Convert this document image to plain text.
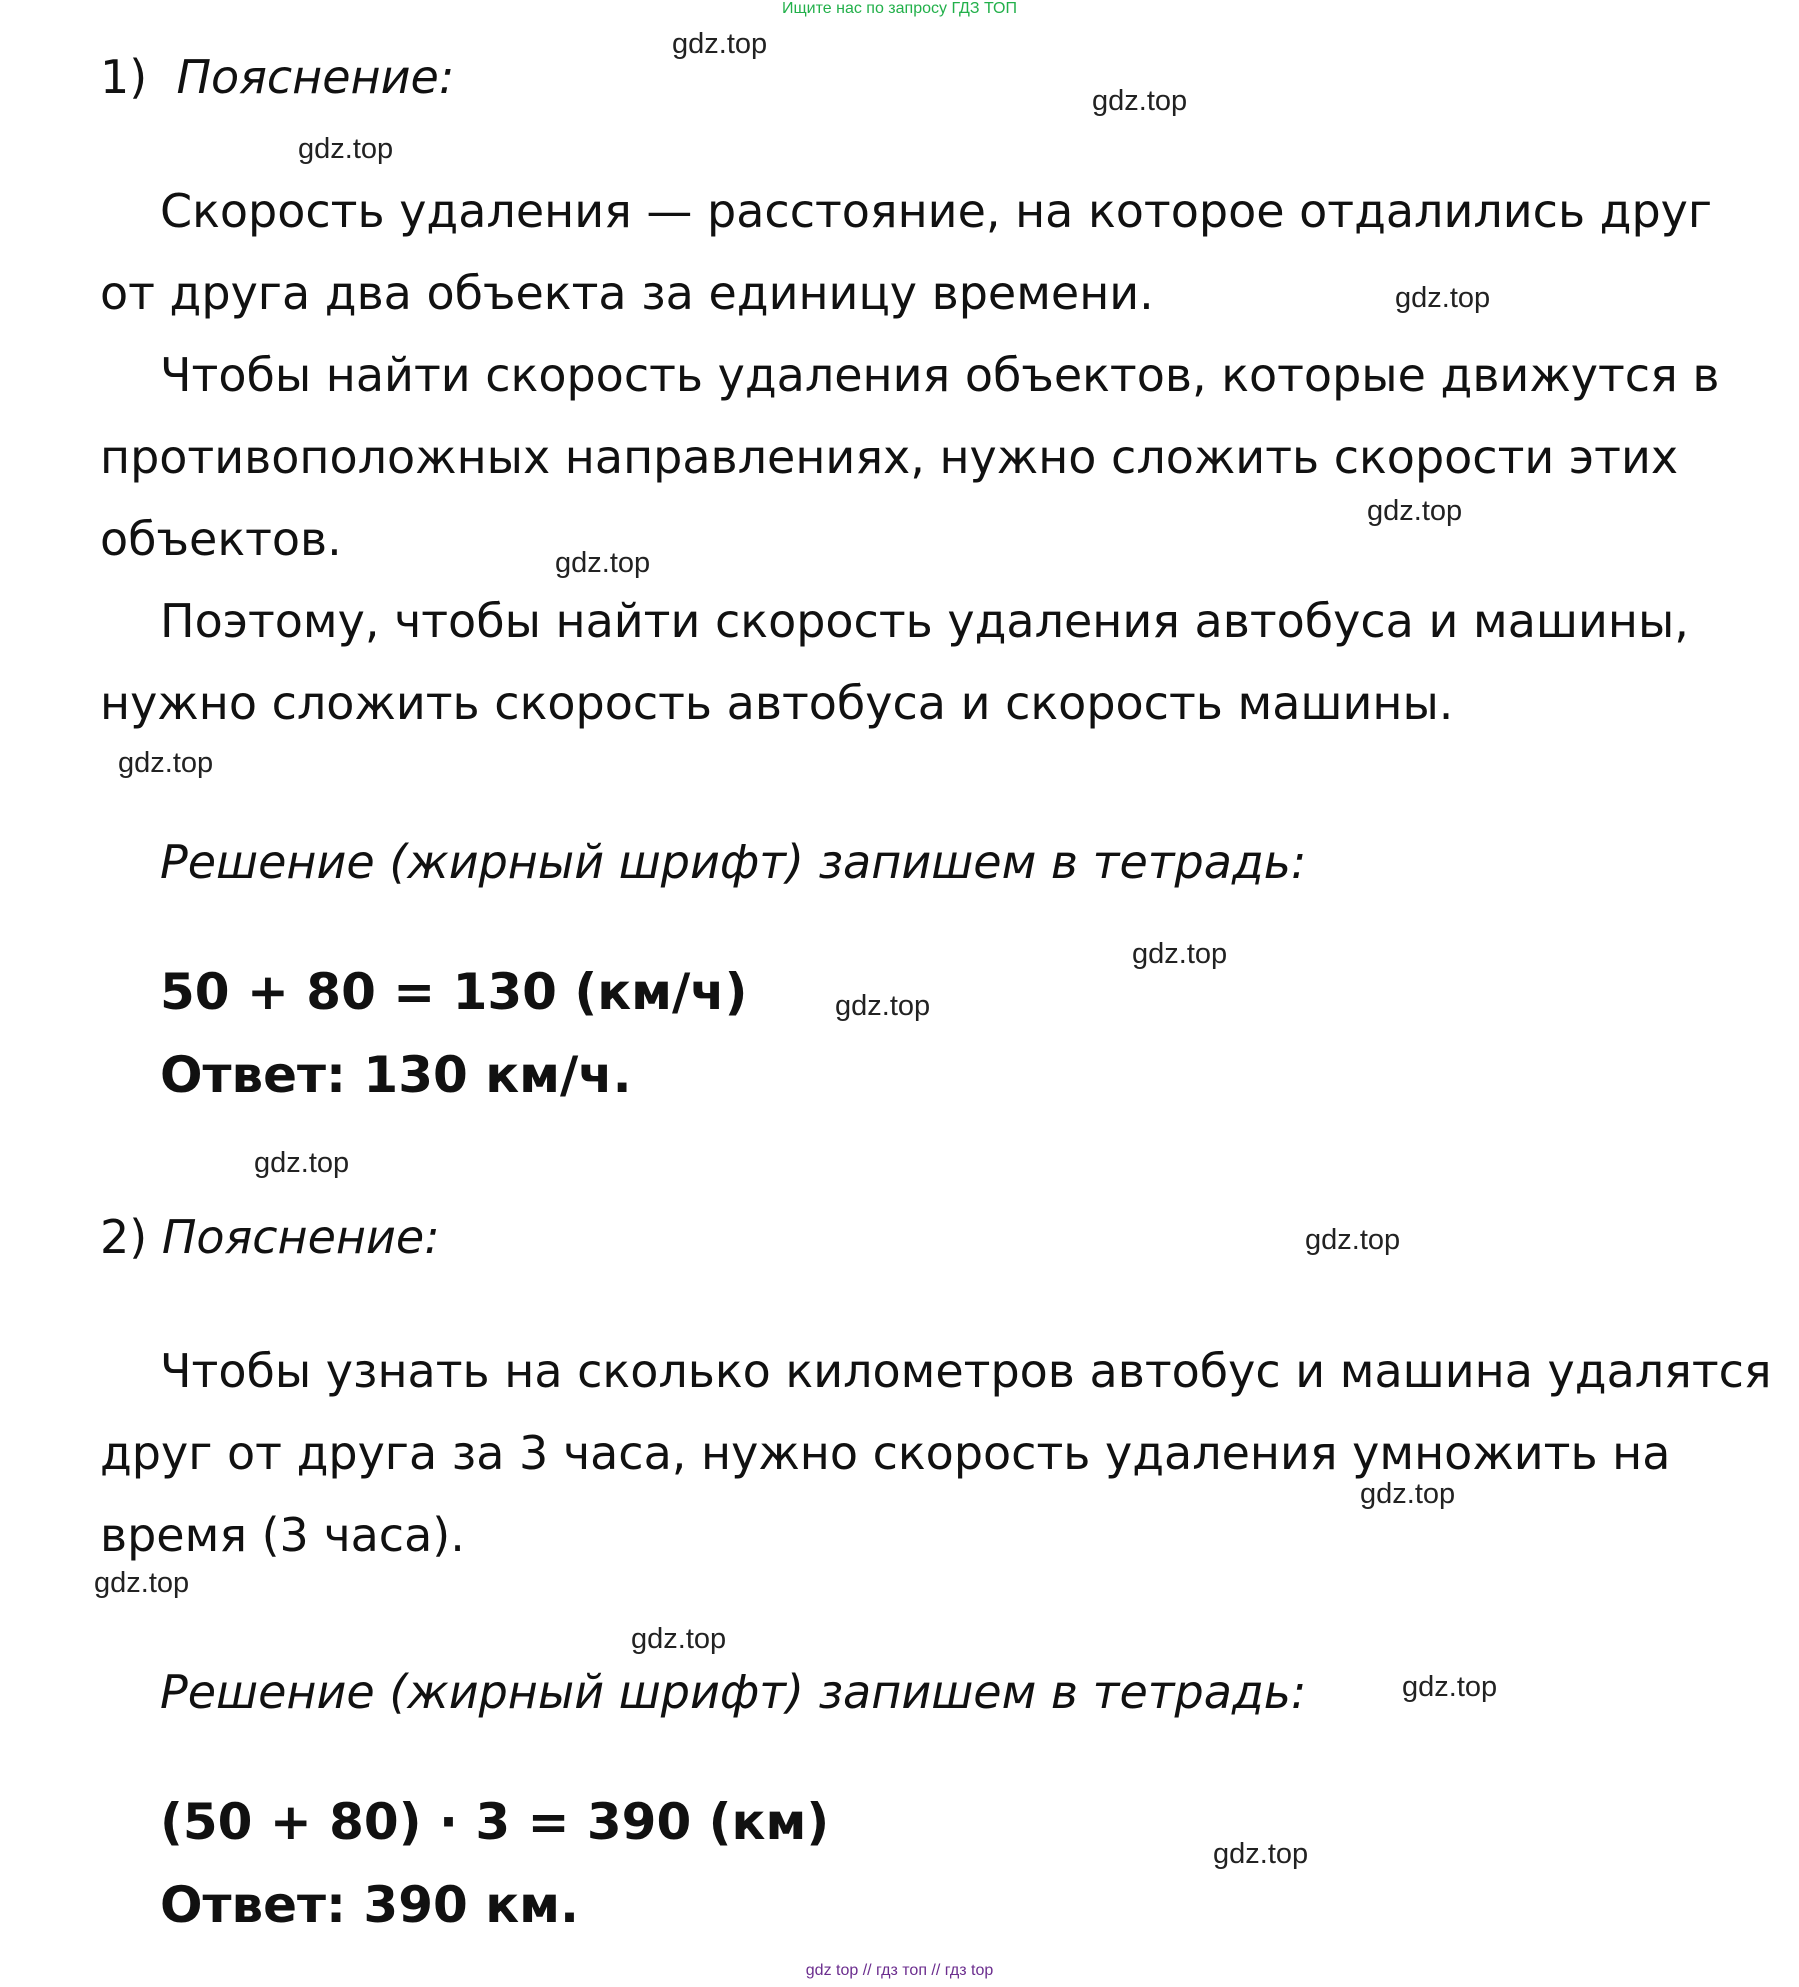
Ищите нас по запросу ГДЗ ТОП
1) Пояснение:
Скорость удаления — расстояние, на которое отдалились друг
от друга два объекта за единицу времени.
Чтобы найти скорость удаления объектов, которые движутся в
противоположных направлениях, нужно сложить скорости этих
объектов.
Поэтому, чтобы найти скорость удаления автобуса и машины,
нужно сложить скорость автобуса и скорость машины.
Решение (жирный шрифт) запишем в тетрадь:
50 + 80 = 130 (км/ч)
Ответ: 130 км/ч.
2) Пояснение:
Чтобы узнать на сколько километров автобус и машина удалятся
друг от друга за 3 часа, нужно скорость удаления умножить на
время (3 часа).
Решение (жирный шрифт) запишем в тетрадь:
(50 + 80) · 3 = 390 (км)
Ответ: 390 км.
gdz.top
gdz.top
gdz.top
gdz.top
gdz.top
gdz.top
gdz.top
gdz.top
gdz.top
gdz.top
gdz.top
gdz.top
gdz.top
gdz.top
gdz.top
gdz.top
gdz top // гдз топ // гдз top
